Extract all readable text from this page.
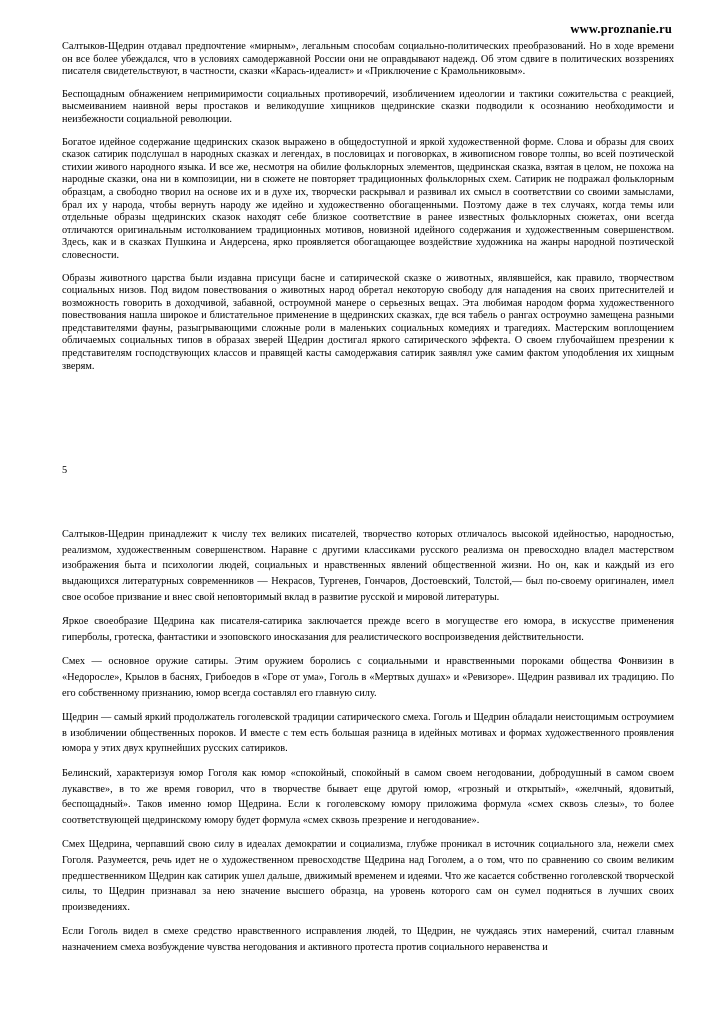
www.proznanie.ru

Салтыков-Щедрин отдавал предпочтение «мирным», легальным способам социально-политических преобразований. Но в ходе времени он все более убеждался, что в условиях самодержавной России они не оправдывают надежд. Об этом сдвиге в политических воззрениях писателя свидетельствуют, в частности, сказки «Карась-идеалист» и «Приключение с Крамольниковым».

Беспощадным обнажением непримиримости социальных противоречий, изобличением идеологии и тактики сожительства с реакцией, высмеиванием наивной веры простаков и великодушие хищников щедринские сказки подводили к осознанию необходимости и неизбежности социальной революции.

Богатое идейное содержание щедринских сказок выражено в общедоступной и яркой художественной форме. Слова и образы для своих сказок сатирик подслушал в народных сказках и легендах, в пословицах и поговорках, в живописном говоре толпы, во всей поэтической стихии живого народного языка. И все же, несмотря на обилие фольклорных элементов, щедринская сказка, взятая в целом, не похожа на народные сказки, она ни в композиции, ни в сюжете не повторяет традиционных фольклорных схем. Сатирик не подражал фольклорным образцам, а свободно творил на основе их и в духе их, творчески раскрывал и развивал их смысл в соответствии со своими замыслами, брал их у народа, чтобы вернуть народу же идейно и художественно обогащенными. Поэтому даже в тех случаях, когда темы или отдельные образы щедринских сказок находят себе близкое соответствие в ранее известных фольклорных сюжетах, они всегда отличаются оригинальным истолкованием традиционных мотивов, новизной идейного содержания и художественным совершенством. Здесь, как и в сказках Пушкина и Андерсена, ярко проявляется обогащающее воздействие художника на жанры народной поэтической словесности.

Образы животного царства были издавна присущи басне и сатирической сказке о животных, являвшейся, как правило, творчеством социальных низов. Под видом повествования о животных народ обретал некоторую свободу для нападения на своих притеснителей и возможность говорить в доходчивой, забавной, остроумной манере о серьезных вещах. Эта любимая народом форма художественного повествования нашла широкое и блистательное применение в щедринских сказках, где вся табель о рангах остроумно замещена разными представителями фауны, разыгрывающими сложные роли в маленьких социальных комедиях и трагедиях. Мастерским воплощением обличаемых социальных типов в образах зверей Щедрин достигал яркого сатирического эффекта. О своем глубочайшем презрении к представителям господствующих классов и правящей касты самодержавия сатирик заявлял уже самим фактом уподобления их хищным зверям.

5

Салтыков-Щедрин принадлежит к числу тех великих писателей, творчество которых отличалось высокой идейностью, народностью, реализмом, художественным совершенством. Наравне с другими классиками русского реализма он превосходно владел мастерством изображения быта и психологии людей, социальных и нравственных явлений общественной жизни. Но он, как и каждый из его выдающихся литературных современников — Некрасов, Тургенев, Гончаров, Достоевский, Толстой,— был по-своему оригинален, имел свое особое призвание и внес свой неповторимый вклад в развитие русской и мировой литературы.

Яркое своеобразие Щедрина как писателя-сатирика заключается прежде всего в могуществе его юмора, в искусстве применения гиперболы, гротеска, фантастики и эзоповского иносказания для реалистического воспроизведения действительности.

Смех — основное оружие сатиры. Этим оружием боролись с социальными и нравственными пороками общества Фонвизин в «Недоросле», Крылов в баснях, Грибоедов в «Горе от ума», Гоголь в «Мертвых душах» и «Ревизоре». Щедрин развивал их традицию. По его собственному признанию, юмор всегда составлял его главную силу.

Щедрин — самый яркий продолжатель гоголевской традиции сатирического смеха. Гоголь и Щедрин обладали неистощимым остроумием в изобличении общественных пороков. И вместе с тем есть большая разница в идейных мотивах и формах художественного проявления юмора у этих двух крупнейших русских сатириков.

Белинский, характеризуя юмор Гоголя как юмор «спокойный, спокойный в самом своем негодовании, добродушный в самом своем лукавстве», в то же время говорил, что в творчестве бывает еще другой юмор, «грозный и открытый», «желчный, ядовитый, беспощадный». Таков именно юмор Щедрина. Если к гоголевскому юмору приложима формула «смех сквозь слезы», то более соответствующей щедринскому юмору будет формула «смех сквозь презрение и негодование».

Смех Щедрина, черпавший свою силу в идеалах демократии и социализма, глубже проникал в источник социального зла, нежели смех Гоголя. Разумеется, речь идет не о художественном превосходстве Щедрина над Гоголем, а о том, что по сравнению со своим великим предшественником Щедрин как сатирик ушел дальше, движимый временем и идеями. Что же касается собственно гоголевской творческой силы, то Щедрин признавал за нею значение высшего образца, на уровень которого сам он сумел подняться в лучших своих произведениях.

Если Гоголь видел в смехе средство нравственного исправления людей, то Щедрин, не чуждаясь этих намерений, считал главным назначением смеха возбуждение чувства негодования и активного протеста против социального неравенства и
